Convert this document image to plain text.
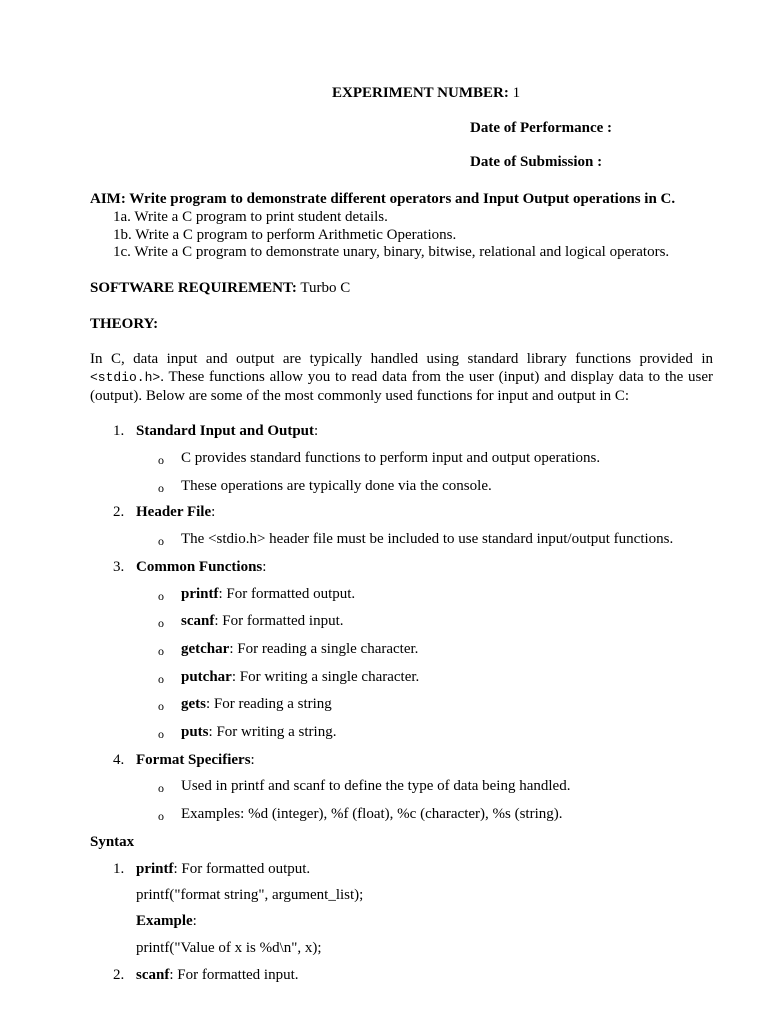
EXPERIMENT NUMBER: 1
Date of Performance :
Date of Submission :
AIM: Write program to demonstrate different operators and Input Output operations in C.
1a. Write a C program to print student details.
1b. Write a C program to perform Arithmetic Operations.
1c. Write a C program to demonstrate unary, binary, bitwise, relational and logical operators.
SOFTWARE REQUIREMENT: Turbo C
THEORY:
In C, data input and output are typically handled using standard library functions provided in <stdio.h>. These functions allow you to read data from the user (input) and display data to the user (output). Below are some of the most commonly used functions for input and output in C:
1. Standard Input and Output:
o C provides standard functions to perform input and output operations.
o These operations are typically done via the console.
2. Header File:
o The <stdio.h> header file must be included to use standard input/output functions.
3. Common Functions:
o printf: For formatted output.
o scanf: For formatted input.
o getchar: For reading a single character.
o putchar: For writing a single character.
o gets: For reading a string
o puts: For writing a string.
4. Format Specifiers:
o Used in printf and scanf to define the type of data being handled.
o Examples: %d (integer), %f (float), %c (character), %s (string).
Syntax
1. printf: For formatted output.
printf("format string", argument_list);
Example:
printf("Value of x is %d\n", x);
2. scanf: For formatted input.
